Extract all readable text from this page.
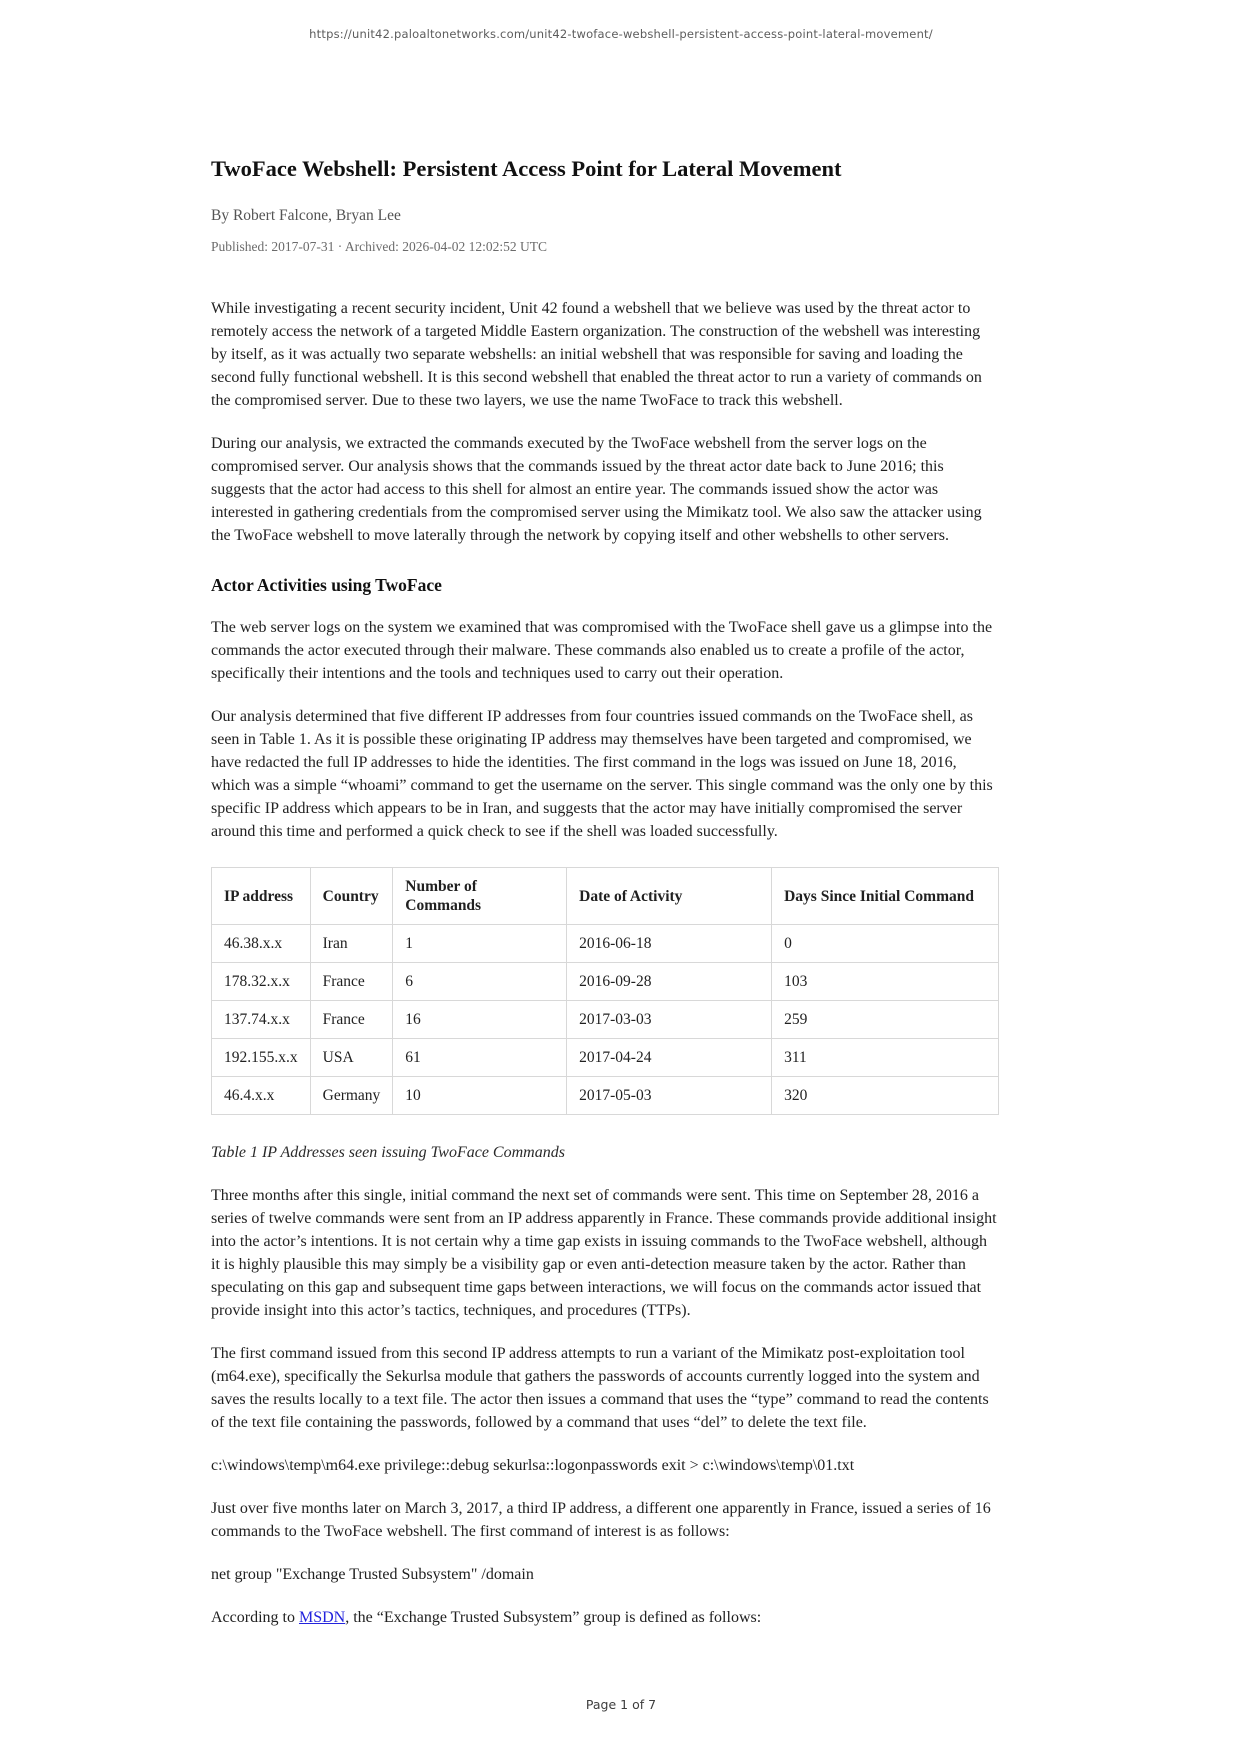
https://unit42.paloaltonetworks.com/unit42-twoface-webshell-persistent-access-point-lateral-movement/
TwoFace Webshell: Persistent Access Point for Lateral Movement
By Robert Falcone, Bryan Lee
Published: 2017-07-31 · Archived: 2026-04-02 12:02:52 UTC

While investigating a recent security incident, Unit 42 found a webshell that we believe was used by the threat actor to remotely access the network of a targeted Middle Eastern organization. The construction of the webshell was interesting by itself, as it was actually two separate webshells: an initial webshell that was responsible for saving and loading the second fully functional webshell. It is this second webshell that enabled the threat actor to run a variety of commands on the compromised server. Due to these two layers, we use the name TwoFace to track this webshell.

During our analysis, we extracted the commands executed by the TwoFace webshell from the server logs on the compromised server. Our analysis shows that the commands issued by the threat actor date back to June 2016; this suggests that the actor had access to this shell for almost an entire year. The commands issued show the actor was interested in gathering credentials from the compromised server using the Mimikatz tool. We also saw the attacker using the TwoFace webshell to move laterally through the network by copying itself and other webshells to other servers.

Actor Activities using TwoFace

The web server logs on the system we examined that was compromised with the TwoFace shell gave us a glimpse into the commands the actor executed through their malware. These commands also enabled us to create a profile of the actor, specifically their intentions and the tools and techniques used to carry out their operation.

Our analysis determined that five different IP addresses from four countries issued commands on the TwoFace shell, as seen in Table 1. As it is possible these originating IP address may themselves have been targeted and compromised, we have redacted the full IP addresses to hide the identities. The first command in the logs was issued on June 18, 2016, which was a simple “whoami” command to get the username on the server. This single command was the only one by this specific IP address which appears to be in Iran, and suggests that the actor may have initially compromised the server around this time and performed a quick check to see if the shell was loaded successfully.

IP address	Country	Number of Commands	Date of Activity	Days Since Initial Command
46.38.x.x	Iran	1	2016-06-18	0
178.32.x.x	France	6	2016-09-28	103
137.74.x.x	France	16	2017-03-03	259
192.155.x.x	USA	61	2017-04-24	311
46.4.x.x	Germany	10	2017-05-03	320

Table 1 IP Addresses seen issuing TwoFace Commands

Three months after this single, initial command the next set of commands were sent. This time on September 28, 2016 a series of twelve commands were sent from an IP address apparently in France. These commands provide additional insight into the actor’s intentions. It is not certain why a time gap exists in issuing commands to the TwoFace webshell, although it is highly plausible this may simply be a visibility gap or even anti-detection measure taken by the actor. Rather than speculating on this gap and subsequent time gaps between interactions, we will focus on the commands actor issued that provide insight into this actor’s tactics, techniques, and procedures (TTPs).

The first command issued from this second IP address attempts to run a variant of the Mimikatz post-exploitation tool (m64.exe), specifically the Sekurlsa module that gathers the passwords of accounts currently logged into the system and saves the results locally to a text file. The actor then issues a command that uses the “type” command to read the contents of the text file containing the passwords, followed by a command that uses “del” to delete the text file.

c:\windows\temp\m64.exe privilege::debug sekurlsa::logonpasswords exit > c:\windows\temp\01.txt

Just over five months later on March 3, 2017, a third IP address, a different one apparently in France, issued a series of 16 commands to the TwoFace webshell. The first command of interest is as follows:

net group "Exchange Trusted Subsystem" /domain

According to MSDN, the “Exchange Trusted Subsystem” group is defined as follows:

Page 1 of 7
